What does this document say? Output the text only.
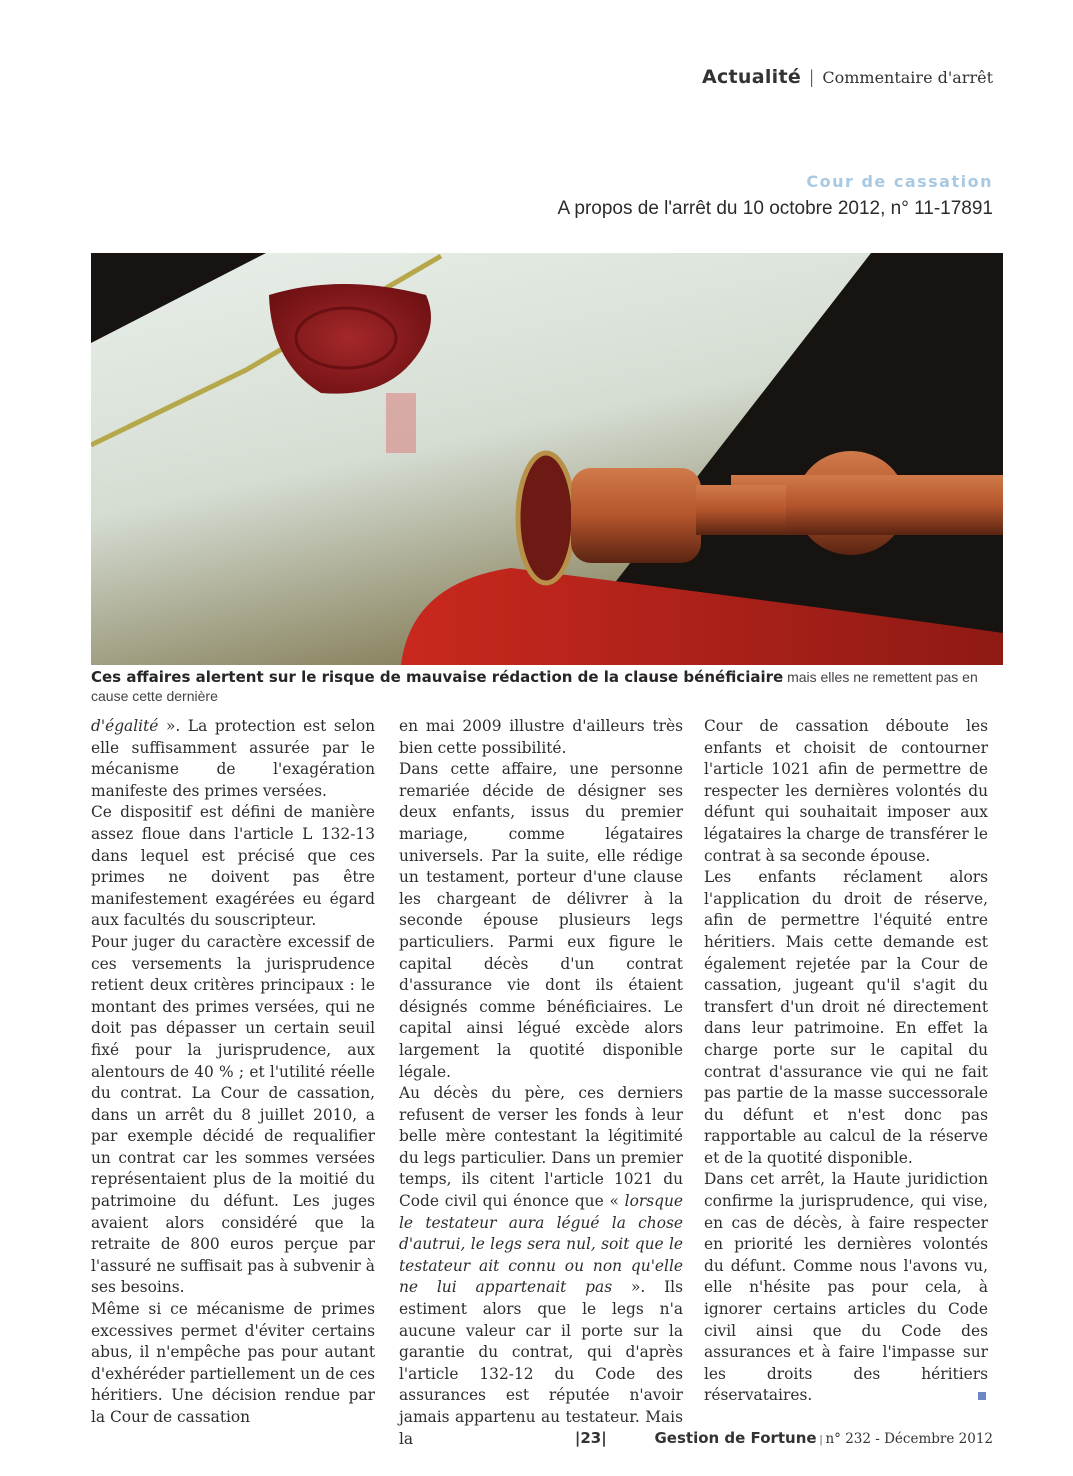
Actualité | Commentaire d'arrêt
Cour de cassation
A propos de l'arrêt du 10 octobre 2012, n° 11-17891
Ces affaires alertent sur le risque de mauvaise rédaction de la clause bénéficiaire mais elles ne remettent pas en cause cette dernière

d'égalité ». La protection est selon elle suffisamment assurée par le mécanisme de l'exagération manifeste des primes versées.

Ce dispositif est défini de manière assez floue dans l'article L 132-13 dans lequel est précisé que ces primes ne doivent pas être manifestement exagérées eu égard aux facultés du souscripteur.

Pour juger du caractère excessif de ces versements la jurisprudence retient deux critères principaux : le montant des primes versées, qui ne doit pas dépasser un certain seuil fixé pour la jurisprudence, aux alentours de 40 % ; et l'utilité réelle du contrat. La Cour de cassation, dans un arrêt du 8 juillet 2010, a par exemple décidé de requalifier un contrat car les sommes versées représentaient plus de la moitié du patrimoine du défunt. Les juges avaient alors considéré que la retraite de 800 euros perçue par l'assuré ne suffisait pas à subvenir à ses besoins.

Même si ce mécanisme de primes excessives permet d'éviter certains abus, il n'empêche pas pour autant d'exhéréder partiellement un de ces héritiers. Une décision rendue par la Cour de cassation

en mai 2009 illustre d'ailleurs très bien cette possibilité.

Dans cette affaire, une personne remariée décide de désigner ses deux enfants, issus du premier mariage, comme légataires universels. Par la suite, elle rédige un testament, porteur d'une clause les chargeant de délivrer à la seconde épouse plusieurs legs particuliers. Parmi eux figure le capital décès d'un contrat d'assurance vie dont ils étaient désignés comme bénéficiaires. Le capital ainsi légué excède alors largement la quotité disponible légale.

Au décès du père, ces derniers refusent de verser les fonds à leur belle mère contestant la légitimité du legs particulier. Dans un premier temps, ils citent l'article 1021 du Code civil qui énonce que « lorsque le testateur aura légué la chose d'autrui, le legs sera nul, soit que le testateur ait connu ou non qu'elle ne lui appartenait pas ». Ils estiment alors que le legs n'a aucune valeur car il porte sur la garantie du contrat, qui d'après l'article 132-12 du Code des assurances est réputée n'avoir jamais appartenu au testateur. Mais la

Cour de cassation déboute les enfants et choisit de contourner l'article 1021 afin de permettre de respecter les dernières volontés du défunt qui souhaitait imposer aux légataires la charge de transférer le contrat à sa seconde épouse.

Les enfants réclament alors l'application du droit de réserve, afin de permettre l'équité entre héritiers. Mais cette demande est également rejetée par la Cour de cassation, jugeant qu'il s'agit du transfert d'un droit né directement dans leur patrimoine. En effet la charge porte sur le capital du contrat d'assurance vie qui ne fait pas partie de la masse successorale du défunt et n'est donc pas rapportable au calcul de la réserve et de la quotité disponible.

Dans cet arrêt, la Haute juridiction confirme la jurisprudence, qui vise, en cas de décès, à faire respecter en priorité les dernières volontés du défunt. Comme nous l'avons vu, elle n'hésite pas pour cela, à ignorer certains articles du Code civil ainsi que du Code des assurances et à faire l'impasse sur les droits des héritiers réservataires.

|23|	Gestion de Fortune | n° 232 - Décembre 2012
